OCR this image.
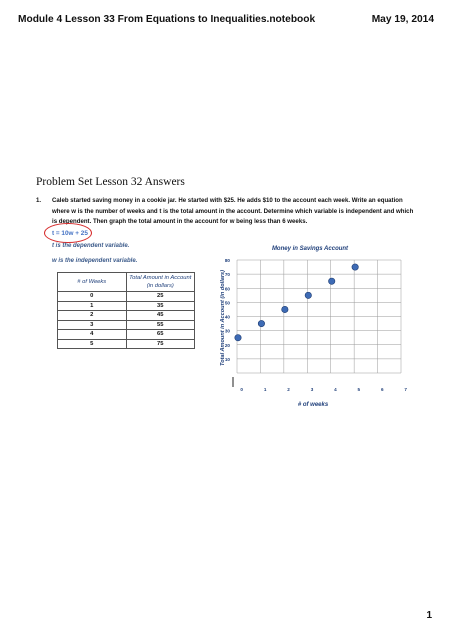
Module 4 Lesson 33 From Equations to Inequalities.notebook	May 19, 2014
Problem Set Lesson 32 Answers
1. Caleb started saving money in a cookie jar. He started with $25. He adds $10 to the account each week. Write an equation where w is the number of weeks and t is the total amount in the account. Determine which variable is independent and which is dependent. Then graph the total amount in the account for w being less than 6 weeks.
t = 10w + 25
t is the dependent variable.
w is the independent variable.
# of Weeks	Total Amount in Account (in dollars)
0	25
1	35
2	45
3	55
4	65
5	75
Money in Savings Account
Total Amount in Account (in dollars)
# of weeks
10
20
30
40
50
60
70
80
0	1	2	3	4	5	6	7
1
